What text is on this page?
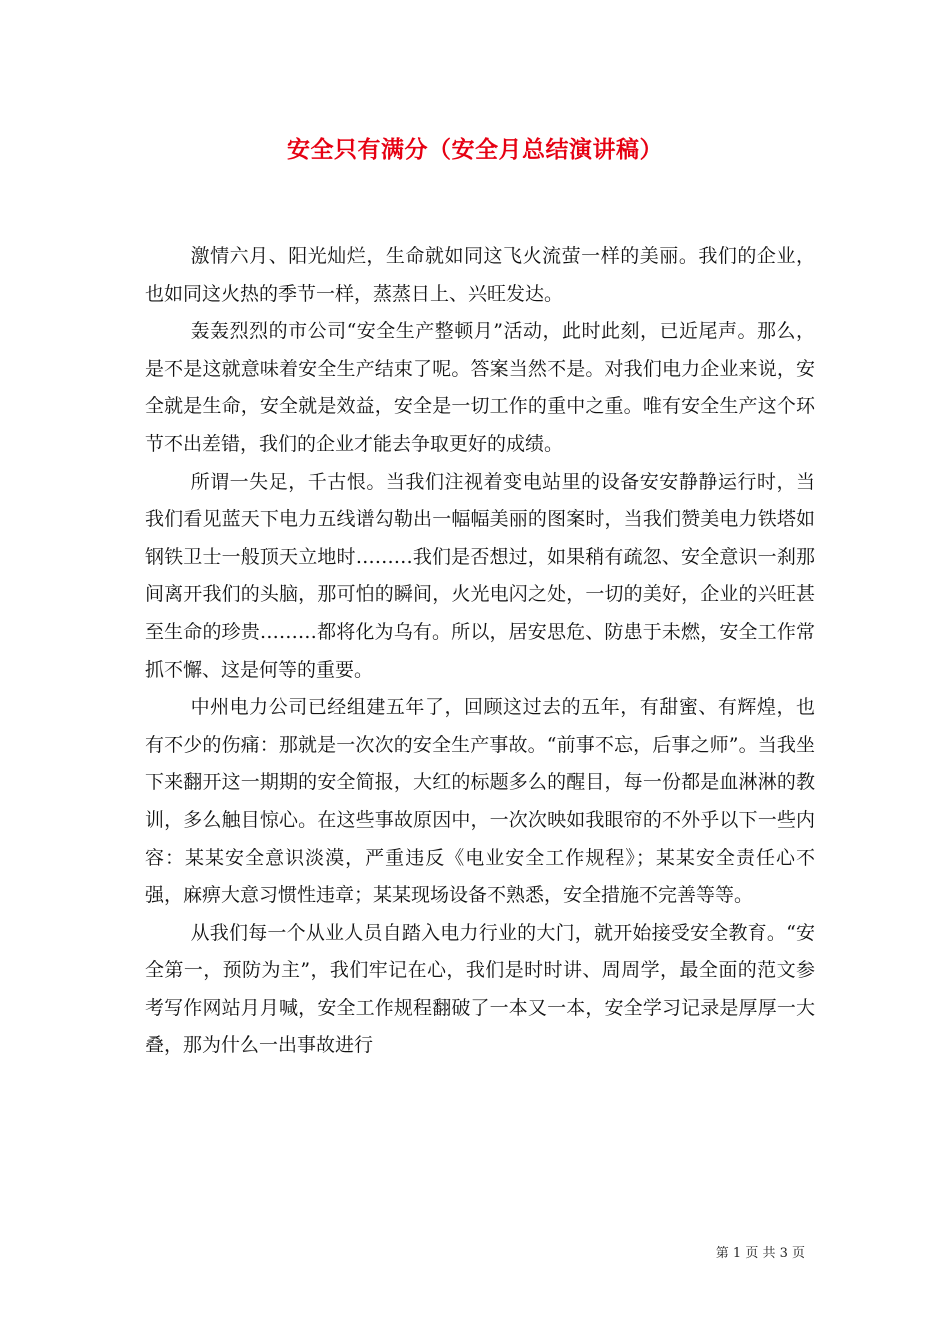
安全只有满分（安全月总结演讲稿）

激情六月、阳光灿烂，生命就如同这飞火流萤一样的美丽。我们的企业，也如同这火热的季节一样，蒸蒸日上、兴旺发达。

轰轰烈烈的市公司“安全生产整顿月”活动，此时此刻，已近尾声。那么，是不是这就意味着安全生产结束了呢。答案当然不是。对我们电力企业来说，安全就是生命，安全就是效益，安全是一切工作的重中之重。唯有安全生产这个环节不出差错，我们的企业才能去争取更好的成绩。

所谓一失足，千古恨。当我们注视着变电站里的设备安安静静运行时，当我们看见蓝天下电力五线谱勾勒出一幅幅美丽的图案时，当我们赞美电力铁塔如钢铁卫士一般顶天立地时………我们是否想过，如果稍有疏忽、安全意识一刹那间离开我们的头脑，那可怕的瞬间，火光电闪之处，一切的美好，企业的兴旺甚至生命的珍贵………都将化为乌有。所以，居安思危、防患于未燃，安全工作常抓不懈、这是何等的重要。

中州电力公司已经组建五年了，回顾这过去的五年，有甜蜜、有辉煌，也有不少的伤痛：那就是一次次的安全生产事故。“前事不忘，后事之师”。当我坐下来翻开这一期期的安全简报，大红的标题多么的醒目，每一份都是血淋淋的教训，多么触目惊心。在这些事故原因中，一次次映如我眼帘的不外乎以下一些内容：某某安全意识淡漠，严重违反《电业安全工作规程》；某某安全责任心不强，麻痹大意习惯性违章；某某现场设备不熟悉，安全措施不完善等等。

从我们每一个从业人员自踏入电力行业的大门，就开始接受安全教育。“安全第一，预防为主”，我们牢记在心，我们是时时讲、周周学，最全面的范文参考写作网站月月喊，安全工作规程翻破了一本又一本，安全学习记录是厚厚一大叠，那为什么一出事故进行

第 1 页 共 3 页
